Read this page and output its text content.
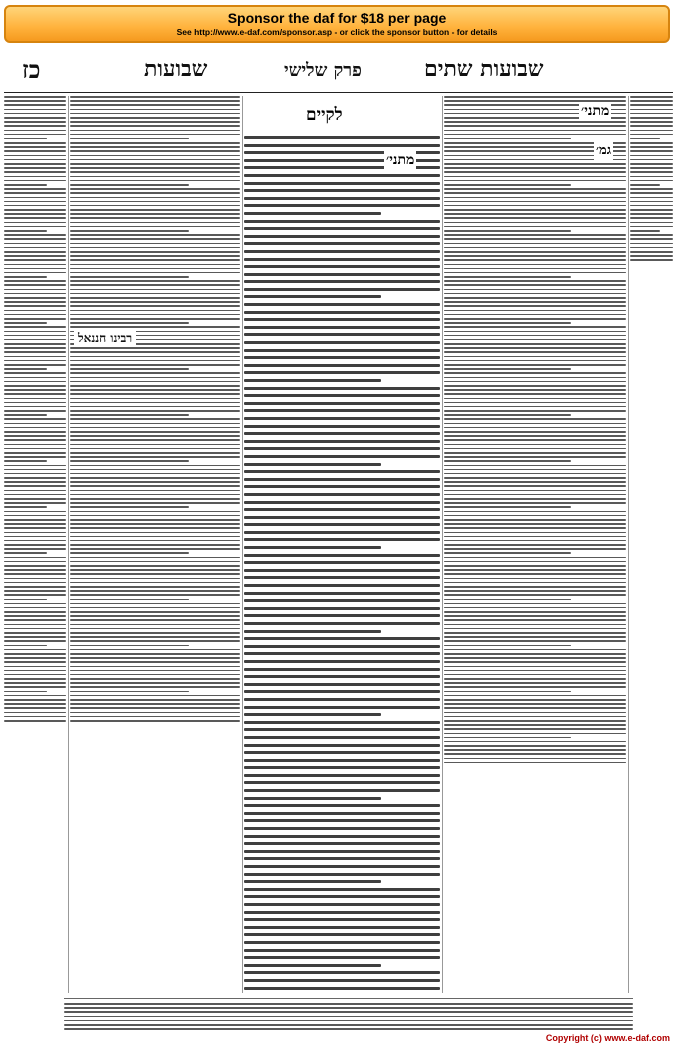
Sponsor the daf for $18 per page
See http://www.e-daf.com/sponsor.asp - or click the sponsor button - for details
כז	שבועות	פרק שלישי	שבועות שתים
לקיים	מתני׳
מתני׳
גמ׳
רבינו חננאל
Copyright (c) www.e-daf.com
